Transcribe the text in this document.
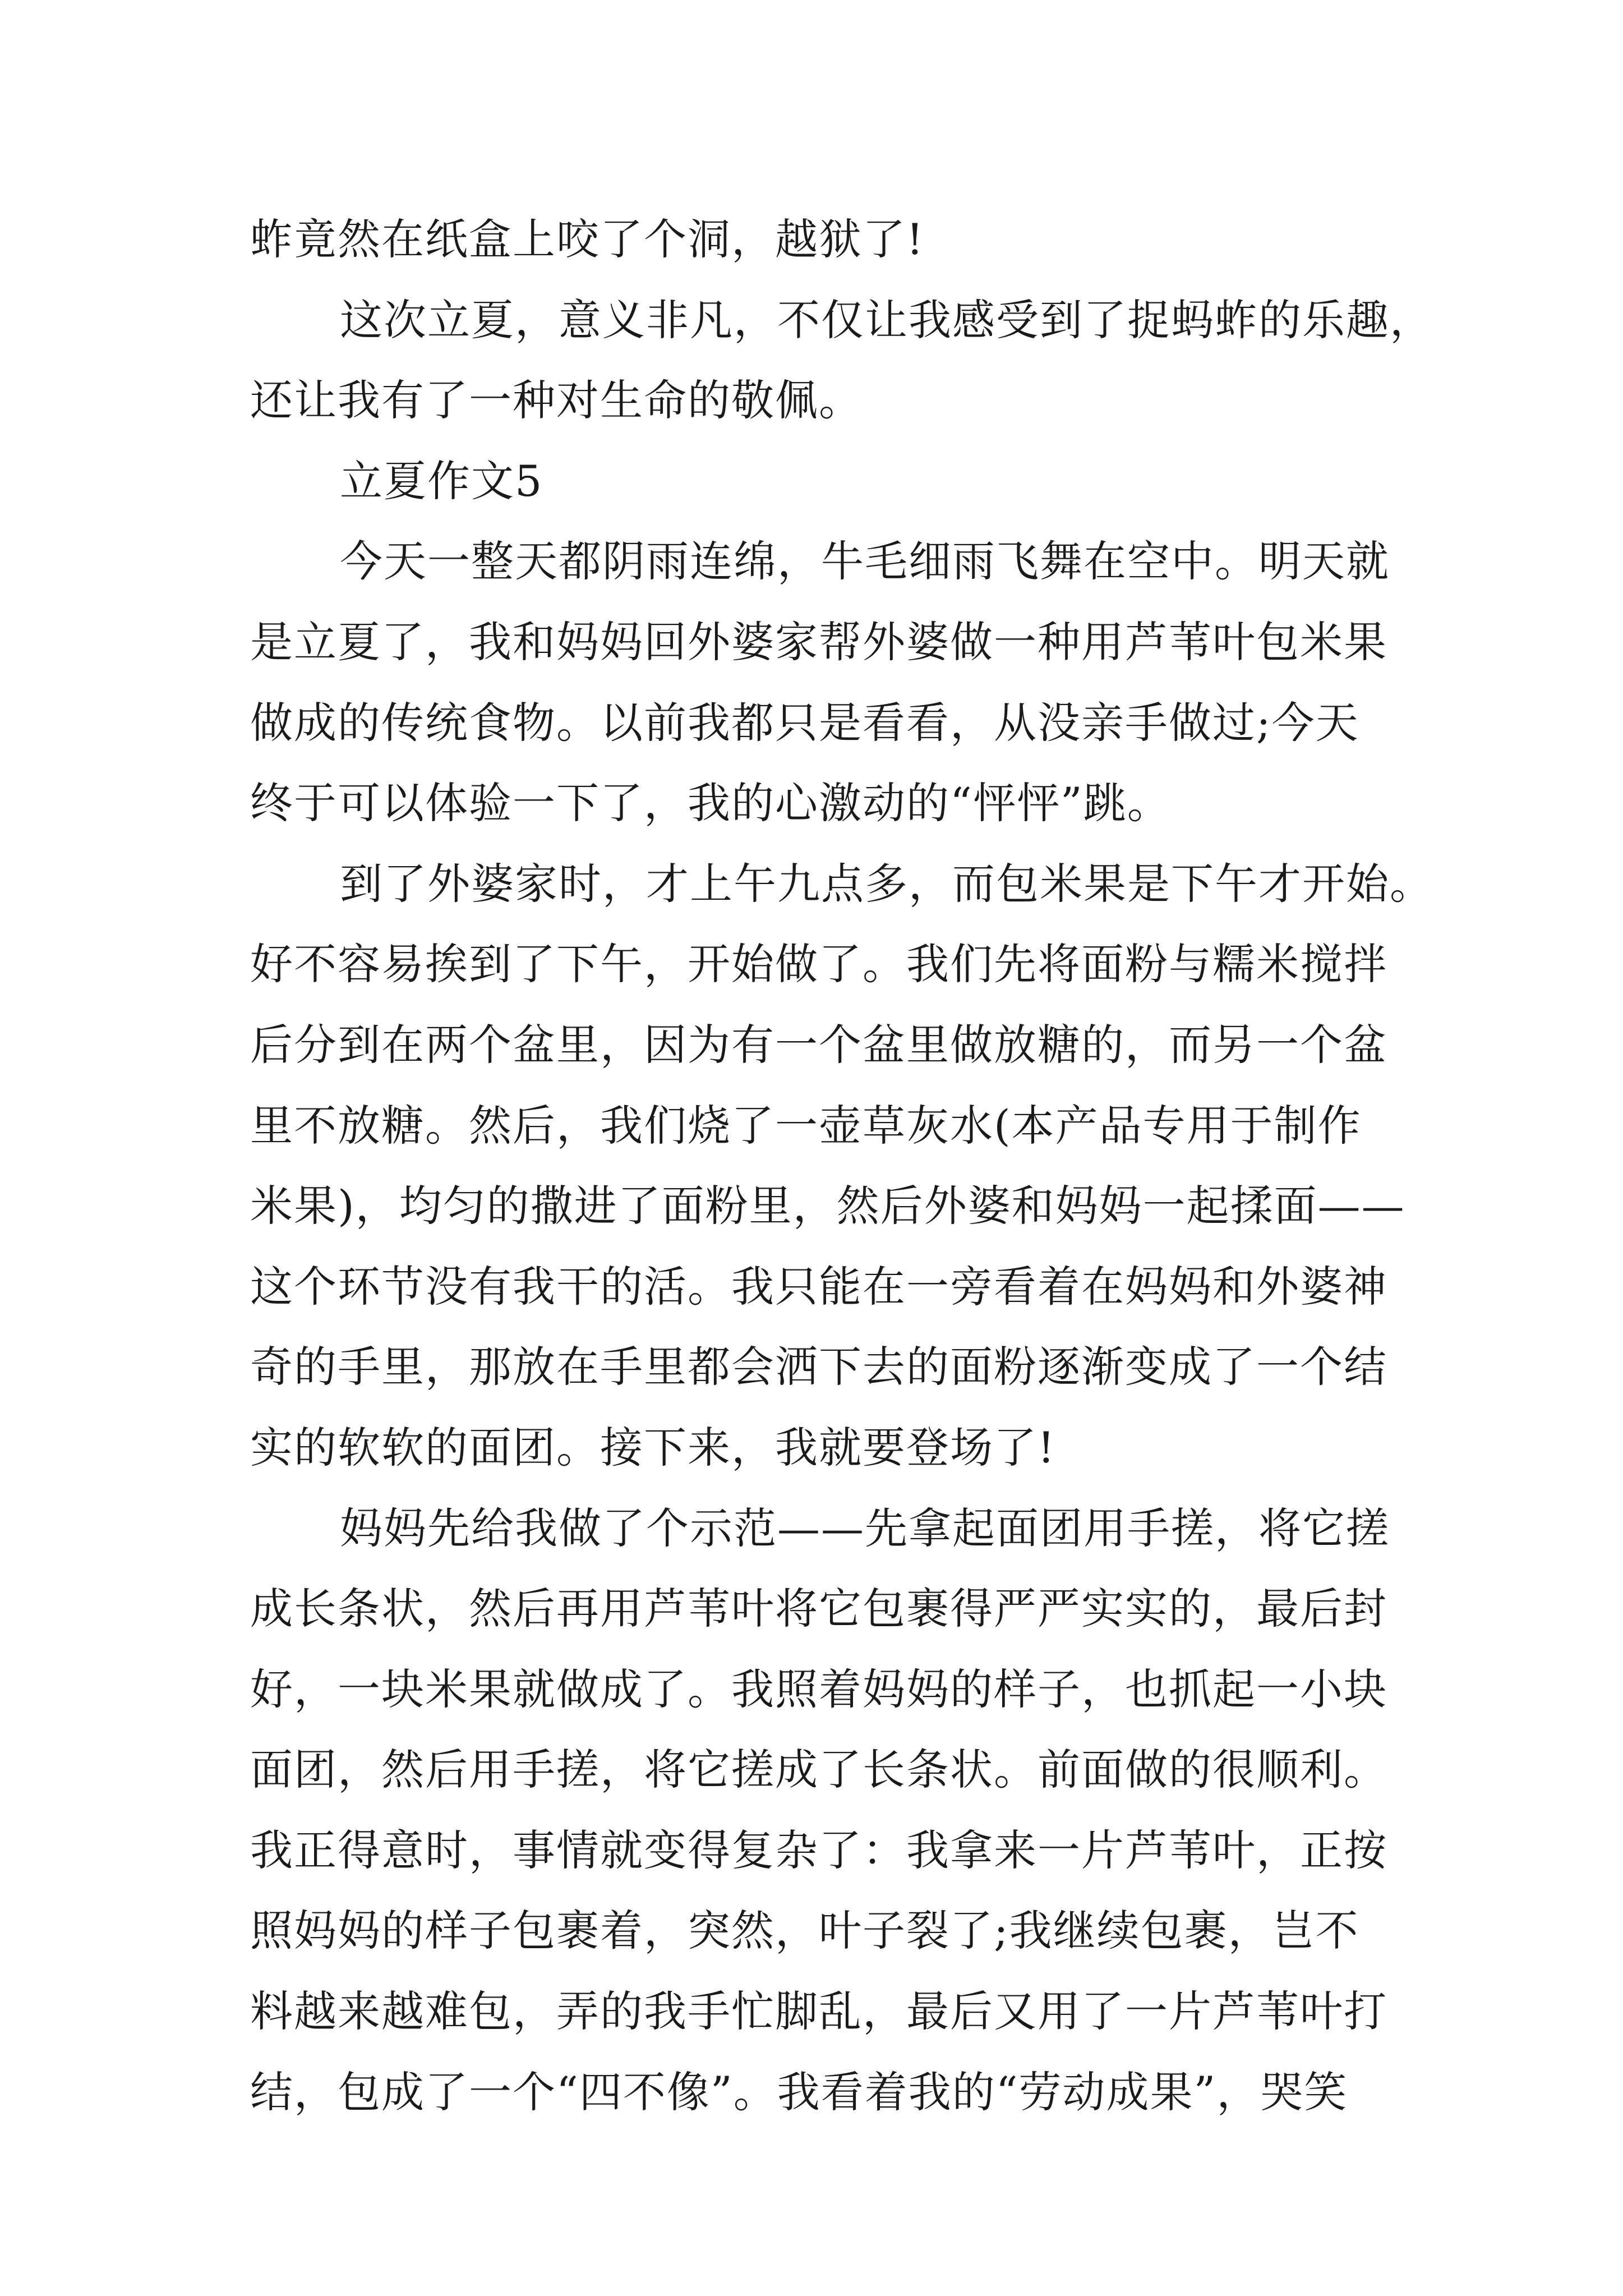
蚱竟然在纸盒上咬了个洞，越狱了!
这次立夏，意义非凡，不仅让我感受到了捉蚂蚱的乐趣，
还让我有了一种对生命的敬佩。
立夏作文5
今天一整天都阴雨连绵，牛毛细雨飞舞在空中。明天就
是立夏了，我和妈妈回外婆家帮外婆做一种用芦苇叶包米果
做成的传统食物。以前我都只是看看，从没亲手做过;今天
终于可以体验一下了，我的心激动的“怦怦”跳。
到了外婆家时，才上午九点多，而包米果是下午才开始。
好不容易挨到了下午，开始做了。我们先将面粉与糯米搅拌
后分到在两个盆里，因为有一个盆里做放糖的，而另一个盆
里不放糖。然后，我们烧了一壶草灰水(本产品专用于制作
米果)，均匀的撒进了面粉里，然后外婆和妈妈一起揉面——
这个环节没有我干的活。我只能在一旁看着在妈妈和外婆神
奇的手里，那放在手里都会洒下去的面粉逐渐变成了一个结
实的软软的面团。接下来，我就要登场了!
妈妈先给我做了个示范——先拿起面团用手搓，将它搓
成长条状，然后再用芦苇叶将它包裹得严严实实的，最后封
好，一块米果就做成了。我照着妈妈的样子，也抓起一小块
面团，然后用手搓，将它搓成了长条状。前面做的很顺利。
我正得意时，事情就变得复杂了：我拿来一片芦苇叶，正按
照妈妈的样子包裹着，突然，叶子裂了;我继续包裹，岂不
料越来越难包，弄的我手忙脚乱，最后又用了一片芦苇叶打
结，包成了一个“四不像”。我看着我的“劳动成果”，哭笑
